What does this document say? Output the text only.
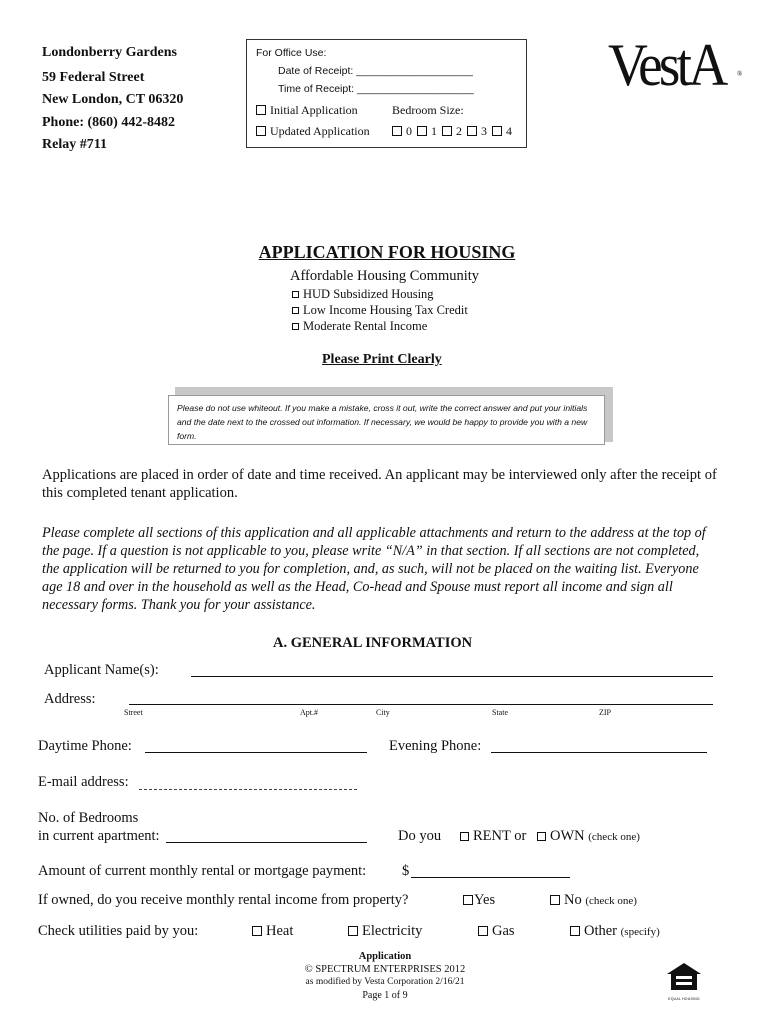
Londonberry Gardens
59 Federal Street
New London, CT 06320
Phone: (860) 442-8482
Relay #711
For Office Use:
Date of Receipt: ____________________
Time of Receipt: ____________________
Initial Application	Bedroom Size:
Updated Application	0 1 2 3 4
VestA ®
APPLICATION FOR HOUSING
Affordable Housing Community
HUD Subsidized Housing
Low Income Housing Tax Credit
Moderate Rental Income
Please Print Clearly
Please do not use whiteout. If you make a mistake, cross it out, write the correct answer and put your initials and the date next to the crossed out information. If necessary, we would be happy to provide you with a new form.
Applications are placed in order of date and time received. An applicant may be interviewed only after the receipt of this completed tenant application.
Please complete all sections of this application and all applicable attachments and return to the address at the top of the page. If a question is not applicable to you, please write “N/A” in that section. If all sections are not completed, the application will be returned to you for completion, and, as such, will not be placed on the waiting list. Everyone age 18 and over in the household as well as the Head, Co-head and Spouse must report all income and sign all necessary forms. Thank you for your assistance.
A. GENERAL INFORMATION
Applicant Name(s):
Address:
Street	Apt.#	City	State	ZIP
Daytime Phone:	Evening Phone:
E-mail address:
No. of Bedrooms
in current apartment:	Do you	RENT or	OWN (check one)
Amount of current monthly rental or mortgage payment: $
If owned, do you receive monthly rental income from property?	Yes	No (check one)
Check utilities paid by you:	Heat	Electricity	Gas	Other (specify)
Application
© SPECTRUM ENTERPRISES 2012
as modified by Vesta Corporation 2/16/21
Page 1 of 9	EQUAL HOUSING
